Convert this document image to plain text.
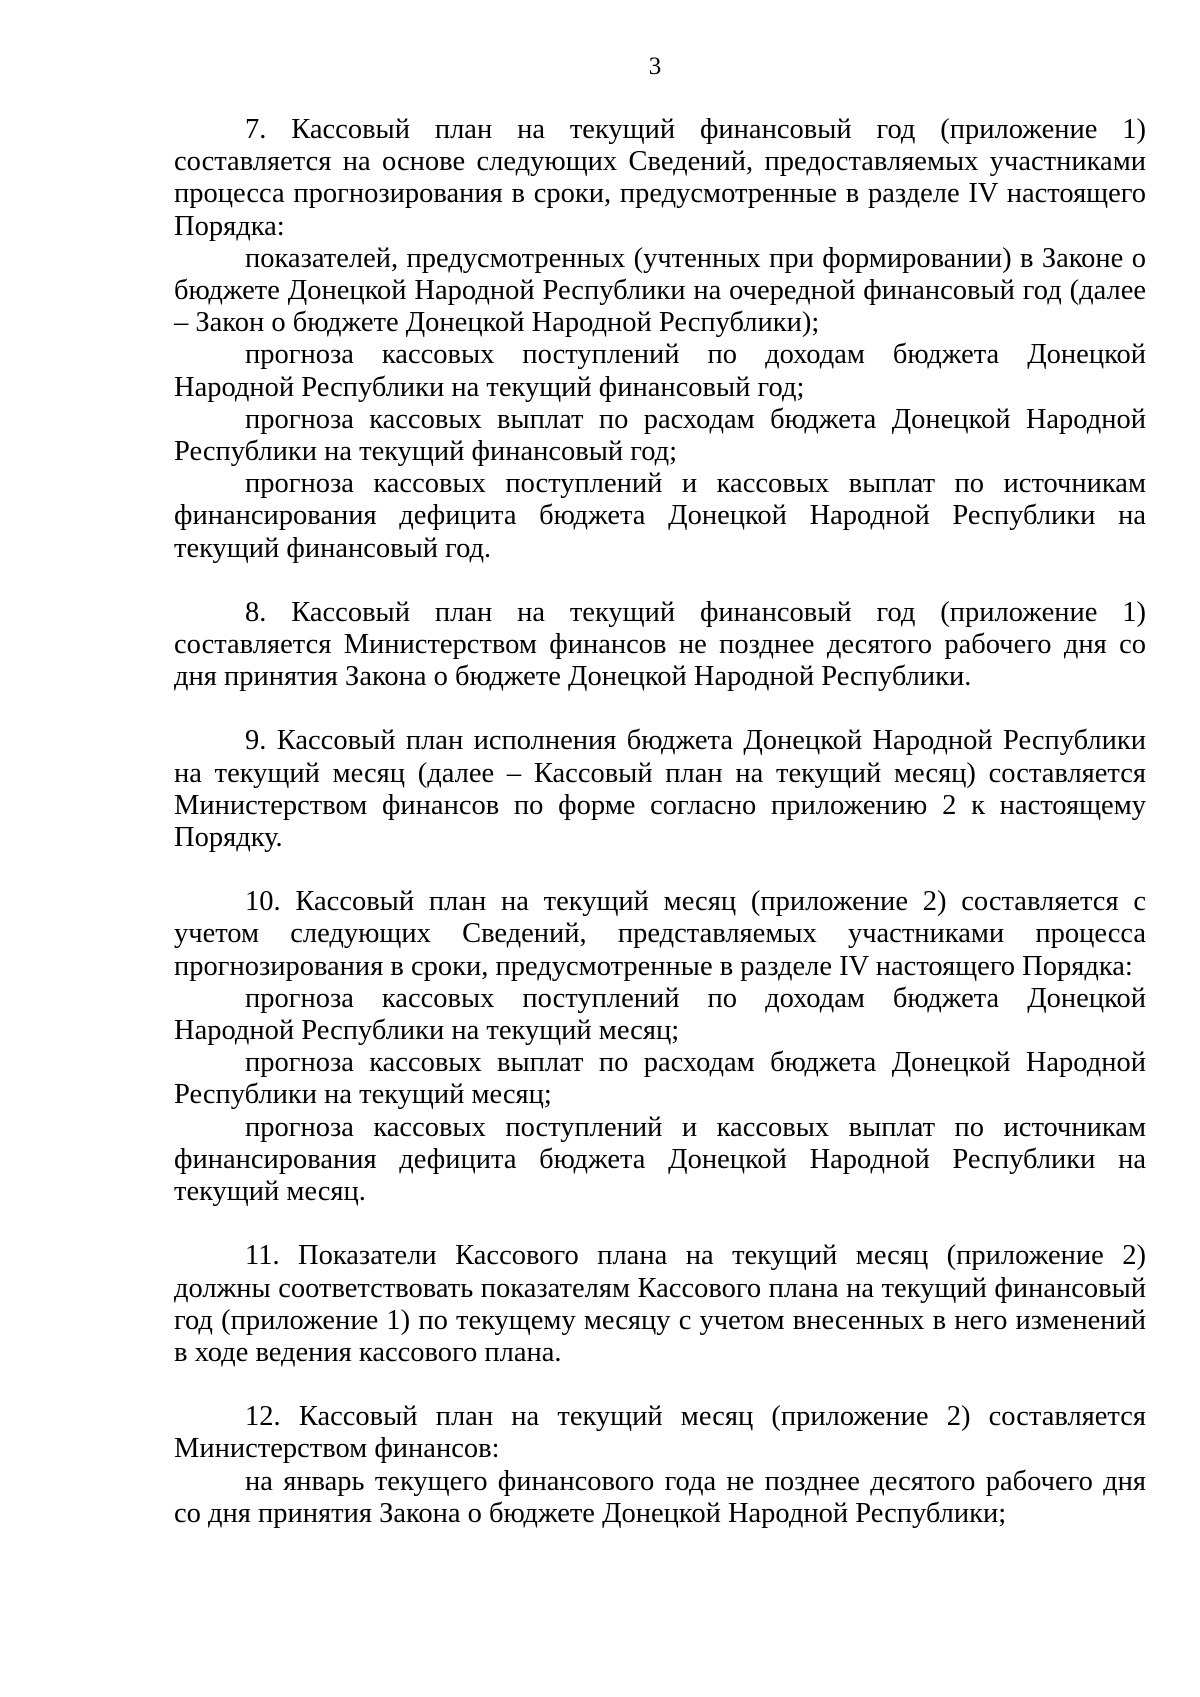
3

7. Кассовый план на текущий финансовый год (приложение 1) составляется на основе следующих Сведений, предоставляемых участниками процесса прогнозирования в сроки, предусмотренные в разделе IV настоящего Порядка:

показателей, предусмотренных (учтенных при формировании) в Законе о бюджете Донецкой Народной Республики на очередной финансовый год (далее – Закон о бюджете Донецкой Народной Республики);

прогноза кассовых поступлений по доходам бюджета Донецкой Народной Республики на текущий финансовый год;

прогноза кассовых выплат по расходам бюджета Донецкой Народной Республики на текущий финансовый год;

прогноза кассовых поступлений и кассовых выплат по источникам финансирования дефицита бюджета Донецкой Народной Республики на текущий финансовый год.

8. Кассовый план на текущий финансовый год (приложение 1) составляется Министерством финансов не позднее десятого рабочего дня со дня принятия Закона о бюджете Донецкой Народной Республики.

9. Кассовый план исполнения бюджета Донецкой Народной Республики на текущий месяц (далее – Кассовый план на текущий месяц) составляется Министерством финансов по форме согласно приложению 2 к настоящему Порядку.

10. Кассовый план на текущий месяц (приложение 2) составляется с учетом следующих Сведений, представляемых участниками процесса прогнозирования в сроки, предусмотренные в разделе IV настоящего Порядка:

прогноза кассовых поступлений по доходам бюджета Донецкой Народной Республики на текущий месяц;

прогноза кассовых выплат по расходам бюджета Донецкой Народной Республики на текущий месяц;

прогноза кассовых поступлений и кассовых выплат по источникам финансирования дефицита бюджета Донецкой Народной Республики на текущий месяц.

11. Показатели Кассового плана на текущий месяц (приложение 2) должны соответствовать показателям Кассового плана на текущий финансовый год (приложение 1) по текущему месяцу с учетом внесенных в него изменений в ходе ведения кассового плана.

12. Кассовый план на текущий месяц (приложение 2) составляется Министерством финансов:

на январь текущего финансового года не позднее десятого рабочего дня со дня принятия Закона о бюджете Донецкой Народной Республики;
